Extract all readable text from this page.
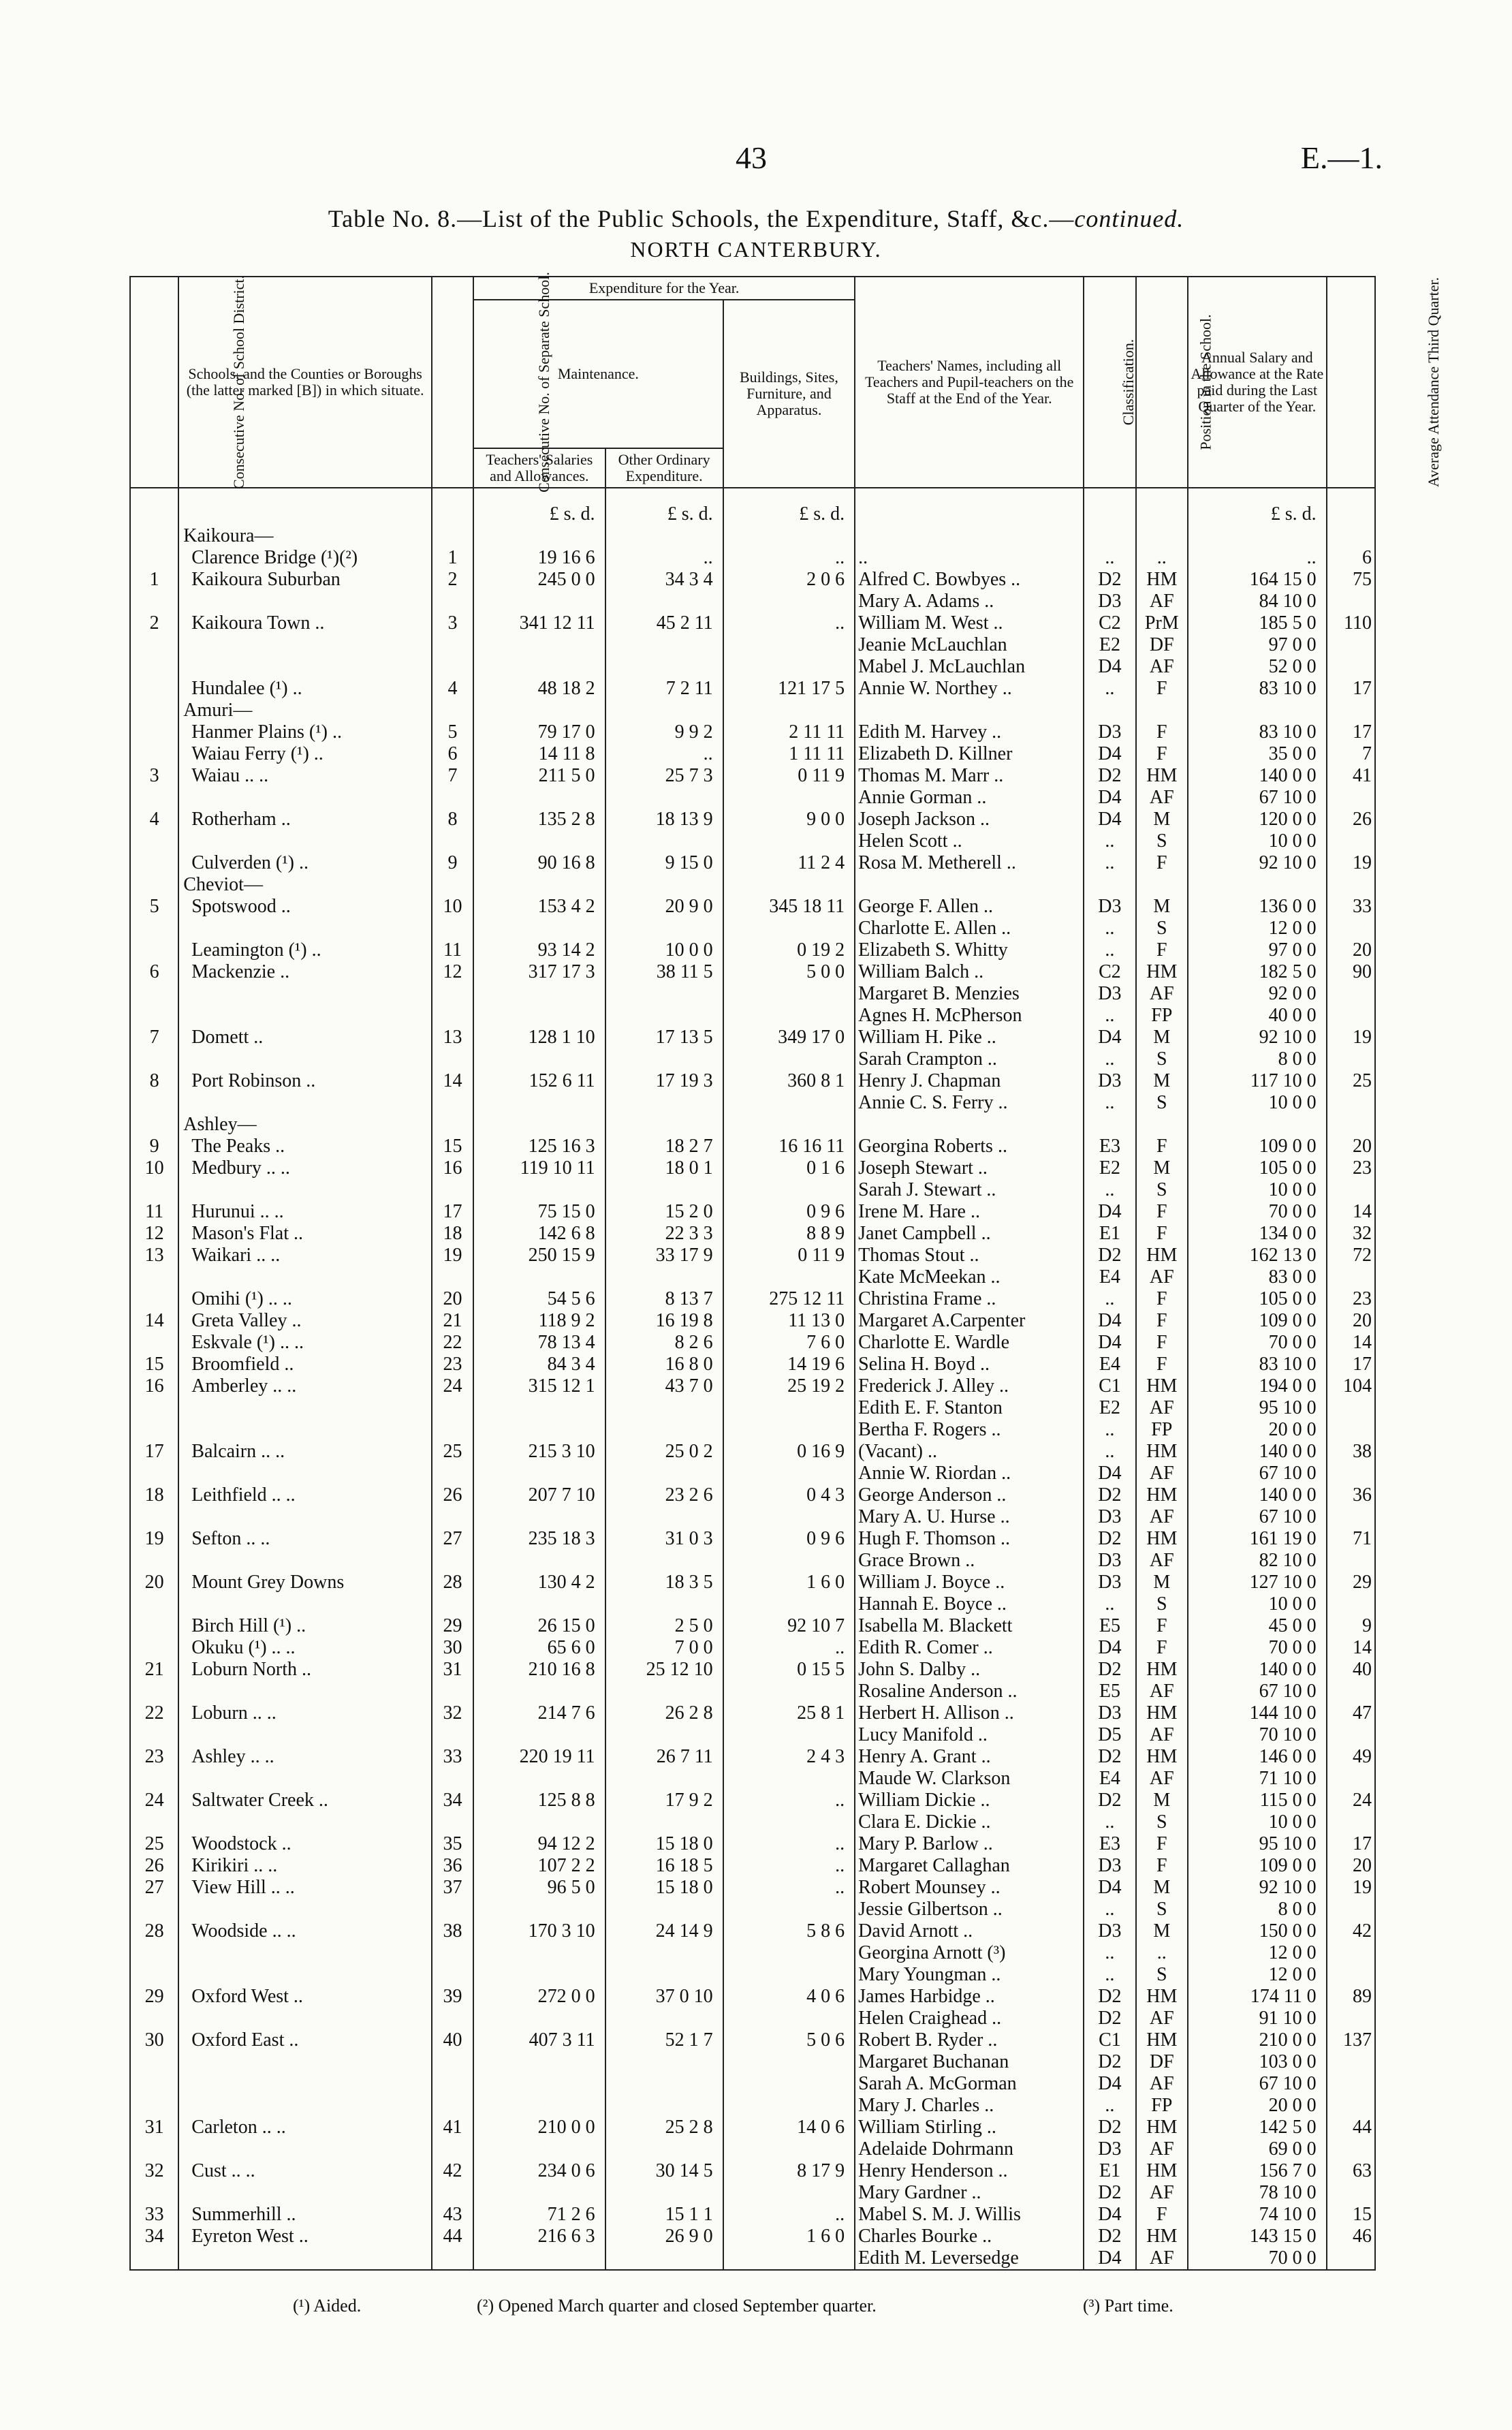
43	E.—1.
Table No. 8.—List of the Public Schools, the Expenditure, Staff, &c.—continued.
NORTH CANTERBURY.
Consecutive No. of School District.	Schools, and the Counties or Boroughs (the latter marked [B]) in which situate.	Consecutive No. of Separate School.	Expenditure for the Year.			Teachers' Names, including all Teachers and Pupil-teachers on the Staff at the End of the Year.	Classification.	Position in the School.	Annual Salary and Allowance at the Rate paid during the Last Quarter of the Year.	Average Attendance Third Quarter.
			Maintenance.		Buildings, Sites, Furniture, and Apparatus.					
			Teachers' Salaries and Allowances.	Other Ordinary Expenditure.						

			£ s. d.	£ s. d.	£ s. d.				£ s. d.	
	Kaikoura—									
	Clarence Bridge (¹)(²)	1	19 16 6	..	..	..	..	..	..	6
1	Kaikoura Suburban	2	245 0 0	34 3 4	2 0 6	Alfred C. Bowbyes ..	D2	HM	164 15 0	75
						Mary A. Adams ..	D3	AF	84 10 0	
2	Kaikoura Town ..	3	341 12 11	45 2 11	..	William M. West ..	C2	PrM	185 5 0	110
						Jeanie McLauchlan	E2	DF	97 0 0	
						Mabel J. McLauchlan	D4	AF	52 0 0	
	Hundalee (¹) ..	4	48 18 2	7 2 11	121 17 5	Annie W. Northey ..	..	F	83 10 0	17
	Amuri—									
	Hanmer Plains (¹) ..	5	79 17 0	9 9 2	2 11 11	Edith M. Harvey ..	D3	F	83 10 0	17
	Waiau Ferry (¹) ..	6	14 11 8	..	1 11 11	Elizabeth D. Killner	D4	F	35 0 0	7
3	Waiau .. ..	7	211 5 0	25 7 3	0 11 9	Thomas M. Marr ..	D2	HM	140 0 0	41
						Annie Gorman ..	D4	AF	67 10 0	
4	Rotherham ..	8	135 2 8	18 13 9	9 0 0	Joseph Jackson ..	D4	M	120 0 0	26
						Helen Scott ..	..	S	10 0 0	
	Culverden (¹) ..	9	90 16 8	9 15 0	11 2 4	Rosa M. Metherell ..	..	F	92 10 0	19
	Cheviot—									
5	Spotswood ..	10	153 4 2	20 9 0	345 18 11	George F. Allen ..	D3	M	136 0 0	33
						Charlotte E. Allen ..	..	S	12 0 0	
	Leamington (¹) ..	11	93 14 2	10 0 0	0 19 2	Elizabeth S. Whitty	..	F	97 0 0	20
6	Mackenzie ..	12	317 17 3	38 11 5	5 0 0	William Balch ..	C2	HM	182 5 0	90
						Margaret B. Menzies	D3	AF	92 0 0	
						Agnes H. McPherson	..	FP	40 0 0	
7	Domett ..	13	128 1 10	17 13 5	349 17 0	William H. Pike ..	D4	M	92 10 0	19
						Sarah Crampton ..	..	S	8 0 0	
8	Port Robinson ..	14	152 6 11	17 19 3	360 8 1	Henry J. Chapman	D3	M	117 10 0	25
						Annie C. S. Ferry ..	..	S	10 0 0	
	Ashley—									
9	The Peaks ..	15	125 16 3	18 2 7	16 16 11	Georgina Roberts ..	E3	F	109 0 0	20
10	Medbury .. ..	16	119 10 11	18 0 1	0 1 6	Joseph Stewart ..	E2	M	105 0 0	23
						Sarah J. Stewart ..	..	S	10 0 0	
11	Hurunui .. ..	17	75 15 0	15 2 0	0 9 6	Irene M. Hare ..	D4	F	70 0 0	14
12	Mason's Flat ..	18	142 6 8	22 3 3	8 8 9	Janet Campbell ..	E1	F	134 0 0	32
13	Waikari .. ..	19	250 15 9	33 17 9	0 11 9	Thomas Stout ..	D2	HM	162 13 0	72
						Kate McMeekan ..	E4	AF	83 0 0	
	Omihi (¹) .. ..	20	54 5 6	8 13 7	275 12 11	Christina Frame ..	..	F	105 0 0	23
14	Greta Valley ..	21	118 9 2	16 19 8	11 13 0	Margaret A.Carpenter	D4	F	109 0 0	20
	Eskvale (¹) .. ..	22	78 13 4	8 2 6	7 6 0	Charlotte E. Wardle	D4	F	70 0 0	14
15	Broomfield ..	23	84 3 4	16 8 0	14 19 6	Selina H. Boyd ..	E4	F	83 10 0	17
16	Amberley .. ..	24	315 12 1	43 7 0	25 19 2	Frederick J. Alley ..	C1	HM	194 0 0	104
						Edith E. F. Stanton	E2	AF	95 10 0	
						Bertha F. Rogers ..	..	FP	20 0 0	
17	Balcairn .. ..	25	215 3 10	25 0 2	0 16 9	(Vacant) ..	..	HM	140 0 0	38
						Annie W. Riordan ..	D4	AF	67 10 0	
18	Leithfield .. ..	26	207 7 10	23 2 6	0 4 3	George Anderson ..	D2	HM	140 0 0	36
						Mary A. U. Hurse ..	D3	AF	67 10 0	
19	Sefton .. ..	27	235 18 3	31 0 3	0 9 6	Hugh F. Thomson ..	D2	HM	161 19 0	71
						Grace Brown ..	D3	AF	82 10 0	
20	Mount Grey Downs	28	130 4 2	18 3 5	1 6 0	William J. Boyce ..	D3	M	127 10 0	29
						Hannah E. Boyce ..	..	S	10 0 0	
	Birch Hill (¹) ..	29	26 15 0	2 5 0	92 10 7	Isabella M. Blackett	E5	F	45 0 0	9
	Okuku (¹) .. ..	30	65 6 0	7 0 0	..	Edith R. Comer ..	D4	F	70 0 0	14
21	Loburn North ..	31	210 16 8	25 12 10	0 15 5	John S. Dalby ..	D2	HM	140 0 0	40
						Rosaline Anderson ..	E5	AF	67 10 0	
22	Loburn .. ..	32	214 7 6	26 2 8	25 8 1	Herbert H. Allison ..	D3	HM	144 10 0	47
						Lucy Manifold ..	D5	AF	70 10 0	
23	Ashley .. ..	33	220 19 11	26 7 11	2 4 3	Henry A. Grant ..	D2	HM	146 0 0	49
						Maude W. Clarkson	E4	AF	71 10 0	
24	Saltwater Creek ..	34	125 8 8	17 9 2	..	William Dickie ..	D2	M	115 0 0	24
						Clara E. Dickie ..	..	S	10 0 0	
25	Woodstock ..	35	94 12 2	15 18 0	..	Mary P. Barlow ..	E3	F	95 10 0	17
26	Kirikiri .. ..	36	107 2 2	16 18 5	..	Margaret Callaghan	D3	F	109 0 0	20
27	View Hill .. ..	37	96 5 0	15 18 0	..	Robert Mounsey ..	D4	M	92 10 0	19
						Jessie Gilbertson ..	..	S	8 0 0	
28	Woodside .. ..	38	170 3 10	24 14 9	5 8 6	David Arnott ..	D3	M	150 0 0	42
						Georgina Arnott (³)	..	..	12 0 0	
						Mary Youngman ..	..	S	12 0 0	
29	Oxford West ..	39	272 0 0	37 0 10	4 0 6	James Harbidge ..	D2	HM	174 11 0	89
						Helen Craighead ..	D2	AF	91 10 0	
30	Oxford East ..	40	407 3 11	52 1 7	5 0 6	Robert B. Ryder ..	C1	HM	210 0 0	137
						Margaret Buchanan	D2	DF	103 0 0	
						Sarah A. McGorman	D4	AF	67 10 0	
						Mary J. Charles ..	..	FP	20 0 0	
31	Carleton .. ..	41	210 0 0	25 2 8	14 0 6	William Stirling ..	D2	HM	142 5 0	44
						Adelaide Dohrmann	D3	AF	69 0 0	
32	Cust .. ..	42	234 0 6	30 14 5	8 17 9	Henry Henderson ..	E1	HM	156 7 0	63
						Mary Gardner ..	D2	AF	78 10 0	
33	Summerhill ..	43	71 2 6	15 1 1	..	Mabel S. M. J. Willis	D4	F	74 10 0	15
34	Eyreton West ..	44	216 6 3	26 9 0	1 6 0	Charles Bourke ..	D2	HM	143 15 0	46
						Edith M. Leversedge	D4	AF	70 0 0	
(¹) Aided.	(²) Opened March quarter and closed September quarter.	(³) Part time.
